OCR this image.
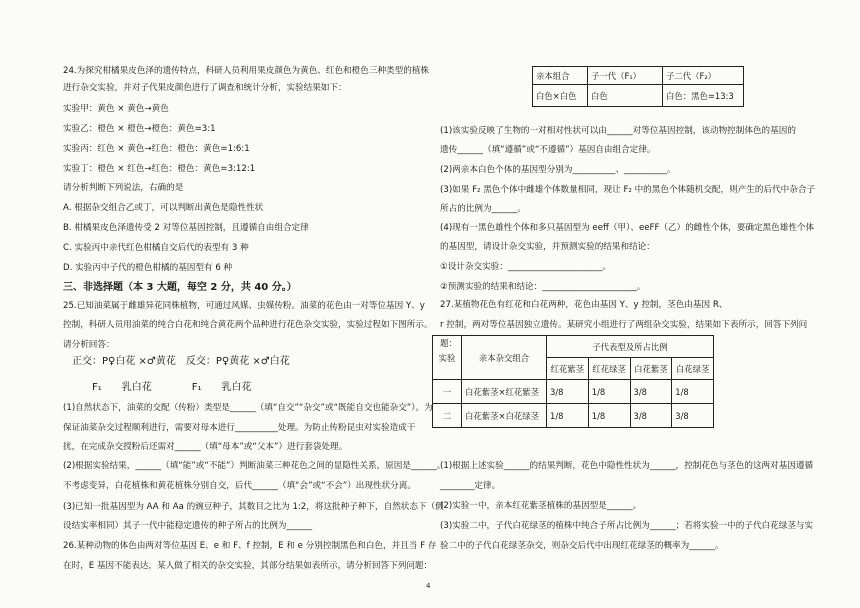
24.为探究柑橘果皮色泽的遗传特点，科研人员利用果皮颜色为黄色、红色和橙色三种类型的植株
进行杂交实验，并对子代果皮颜色进行了调查和统计分析，实验结果如下：
实验甲：黄色 × 黄色→黄色
实验乙：橙色 × 橙色→橙色：黄色=3:1
实验丙：红色 × 黄色→红色：橙色：黄色=1:6:1
实验丁：橙色 × 红色→红色：橙色：黄色=3:12:1
请分析判断下列说法，右确的是
A. 根据杂交组合乙或丁，可以判断出黄色是隐性性状
B. 柑橘果皮色泽遗传受 2 对等位基因控制，且遵循自由组合定律
C. 实验丙中亲代红色柑橘自交后代的表型有 3 种
D. 实验丙中子代的橙色柑橘的基因型有 6 种
三、非选择题（本 3 大题，每空 2 分，共 40 分。）
25.已知油菜属于雌雄异花同株植物，可通过风媒、虫媒传粉。油菜的花色由一对等位基因 Y、y
控制，科研人员用油菜的纯合白花和纯合黄花两个品种进行花色杂交实验，实验过程如下图所示。
请分析回答：
正交：P♀白花 ×♂黄花　反交：P♀黄花 ×♂白花
F₁　　乳白花　　　　F₁　　乳白花
(1)自然状态下，油菜的交配（传粉）类型是______（填“自交”“杂交”或“既能自交也能杂交”）。为
保证油菜杂交过程顺利进行，需要对母本进行__________处理。为防止传粉昆虫对实验造成干
扰，在完成杂交授粉后还需对______（填“母本”或“父本”）进行套袋处理。
(2)根据实验结果，______（填“能”或“不能”）判断油菜三种花色之间的显隐性关系，原因是______。
不考虑变异，白花植株和黄花植株分别自交，后代______（填“会”或“不会”）出现性状分离。
(3)已知一批基因型为 AA 和 Aa 的豌豆种子，其数目之比为 1:2，将这批种子种下，自然状态下（假
设结实率相同）其子一代中能稳定遗传的种子所占的比例为______
26.某种动物的体色由两对等位基因 E、e 和 F、f 控制，E 和 e 分别控制黑色和白色，并且当 F 存
在时，E 基因不能表达，某人做了相关的杂交实验，其部分结果如表所示，请分析回答下列问题：
(1)该实验反映了生物的一对相对性状可以由______对等位基因控制，该动物控制体色的基因的
遗传______（填“遵循”或“不遵循”）基因自由组合定律。
(2)两亲本白色个体的基因型分别为__________、__________。
(3)如果 F₂ 黑色个体中雌雄个体数量相同，现让 F₂ 中的黑色个体随机交配，则产生的后代中杂合子
所占的比例为______。
(4)现有一黑色雄性个体和多只基因型为 eeff（甲）、eeFF（乙）的雌性个体，要确定黑色雄性个体
的基因型，请设计杂交实验，并预测实验的结果和结论：
①设计杂交实验：______________________。
②预测实验的结果和结论：______________________。
27.某植物花色有红花和白花两种，花色由基因 Y、y 控制，茎色由基因 R、
r 控制，两对等位基因独立遗传。某研究小组进行了两组杂交实验，结果如下表所示，回答下列问
题：
(1)根据上述实验______的结果判断，花色中隐性性状为______，控制花色与茎色的这两对基因遵循
________定律。
(2)实验一中，亲本红花紫茎植株的基因型是______。
(3)实验二中，子代白花绿茎的植株中纯合子所占比例为______；若将实验一中的子代白花绿茎与实
验二中的子代白花绿茎杂交，则杂交后代中出现红花绿茎的概率为______。
亲本组合	子一代（F₁）	子二代（F₂）
白色×白色	白色	白色：黑色=13:3
实验	亲本杂交组合	子代表型及所占比例			
		红花紫茎	红花绿茎	白花紫茎	白花绿茎
一	白花紫茎×红花紫茎	3/8	1/8	3/8	1/8
二	白花紫茎×白花绿茎	1/8	1/8	3/8	3/8
4
